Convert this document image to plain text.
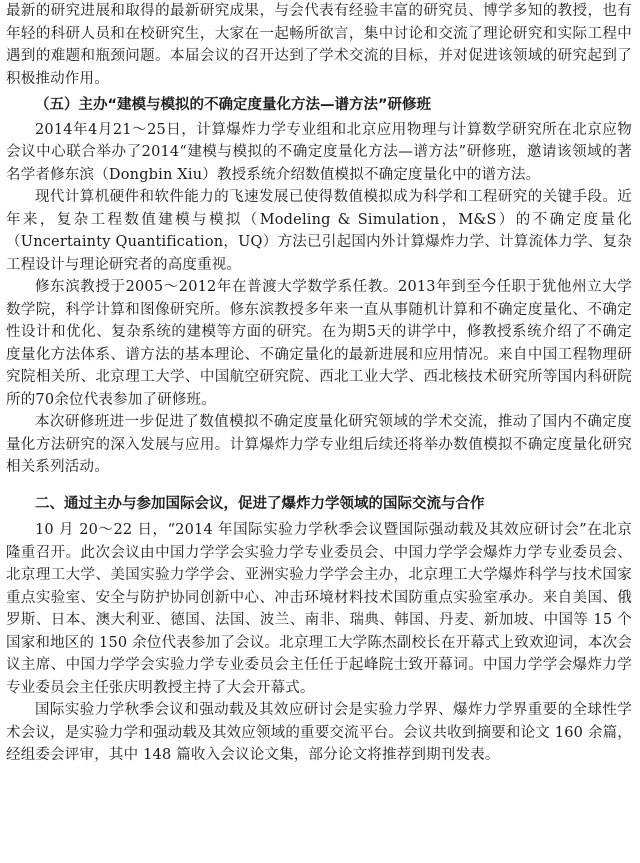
最新的研究进展和取得的最新研究成果，与会代表有经验丰富的研究员、博学多知的教授，也有年轻的科研人员和在校研究生，大家在一起畅所欲言，集中讨论和交流了理论研究和实际工程中遇到的难题和瓶颈问题。本届会议的召开达到了学术交流的目标，并对促进该领域的研究起到了积极推动作用。

（五）主办“建模与模拟的不确定度量化方法—谱方法”研修班

2014年4月21～25日，计算爆炸力学专业组和北京应用物理与计算数学研究所在北京应物会议中心联合举办了2014“建模与模拟的不确定度量化方法—谱方法”研修班，邀请该领域的著名学者修东滨（Dongbin Xiu）教授系统介绍数值模拟不确定度量化中的谱方法。

现代计算机硬件和软件能力的飞速发展已使得数值模拟成为科学和工程研究的关键手段。近年来，复杂工程数值建模与模拟（Modeling & Simulation，M&S）的不确定度量化（Uncertainty Quantification，UQ）方法已引起国内外计算爆炸力学、计算流体力学、复杂工程设计与理论研究者的高度重视。

修东滨教授于2005～2012年在普渡大学数学系任教。2013年到至今任职于犹他州立大学数学院，科学计算和图像研究所。修东滨教授多年来一直从事随机计算和不确定度量化、不确定性设计和优化、复杂系统的建模等方面的研究。在为期5天的讲学中，修教授系统介绍了不确定度量化方法体系、谱方法的基本理论、不确定量化的最新进展和应用情况。来自中国工程物理研究院相关所、北京理工大学、中国航空研究院、西北工业大学、西北核技术研究所等国内科研院所的70余位代表参加了研修班。

本次研修班进一步促进了数值模拟不确定度量化研究领域的学术交流，推动了国内不确定度量化方法研究的深入发展与应用。计算爆炸力学专业组后续还将举办数值模拟不确定度量化研究相关系列活动。

二、通过主办与参加国际会议，促进了爆炸力学领域的国际交流与合作

10 月 20～22 日，“2014 年国际实验力学秋季会议暨国际强动载及其效应研讨会”在北京隆重召开。此次会议由中国力学学会实验力学专业委员会、中国力学学会爆炸力学专业委员会、北京理工大学、美国实验力学学会、亚洲实验力学学会主办，北京理工大学爆炸科学与技术国家重点实验室、安全与防护协同创新中心、冲击环境材料技术国防重点实验室承办。来自美国、俄罗斯、日本、澳大利亚、德国、法国、波兰、南非、瑞典、韩国、丹麦、新加坡、中国等 15 个国家和地区的 150 余位代表参加了会议。北京理工大学陈杰副校长在开幕式上致欢迎词，本次会议主席、中国力学学会实验力学专业委员会主任任于起峰院士致开幕词。中国力学学会爆炸力学专业委员会主任张庆明教授主持了大会开幕式。

国际实验力学秋季会议和强动载及其效应研讨会是实验力学界、爆炸力学界重要的全球性学术会议，是实验力学和强动载及其效应领域的重要交流平台。会议共收到摘要和论文 160 余篇，经组委会评审，其中 148 篇收入会议论文集，部分论文将推荐到期刊发表。
